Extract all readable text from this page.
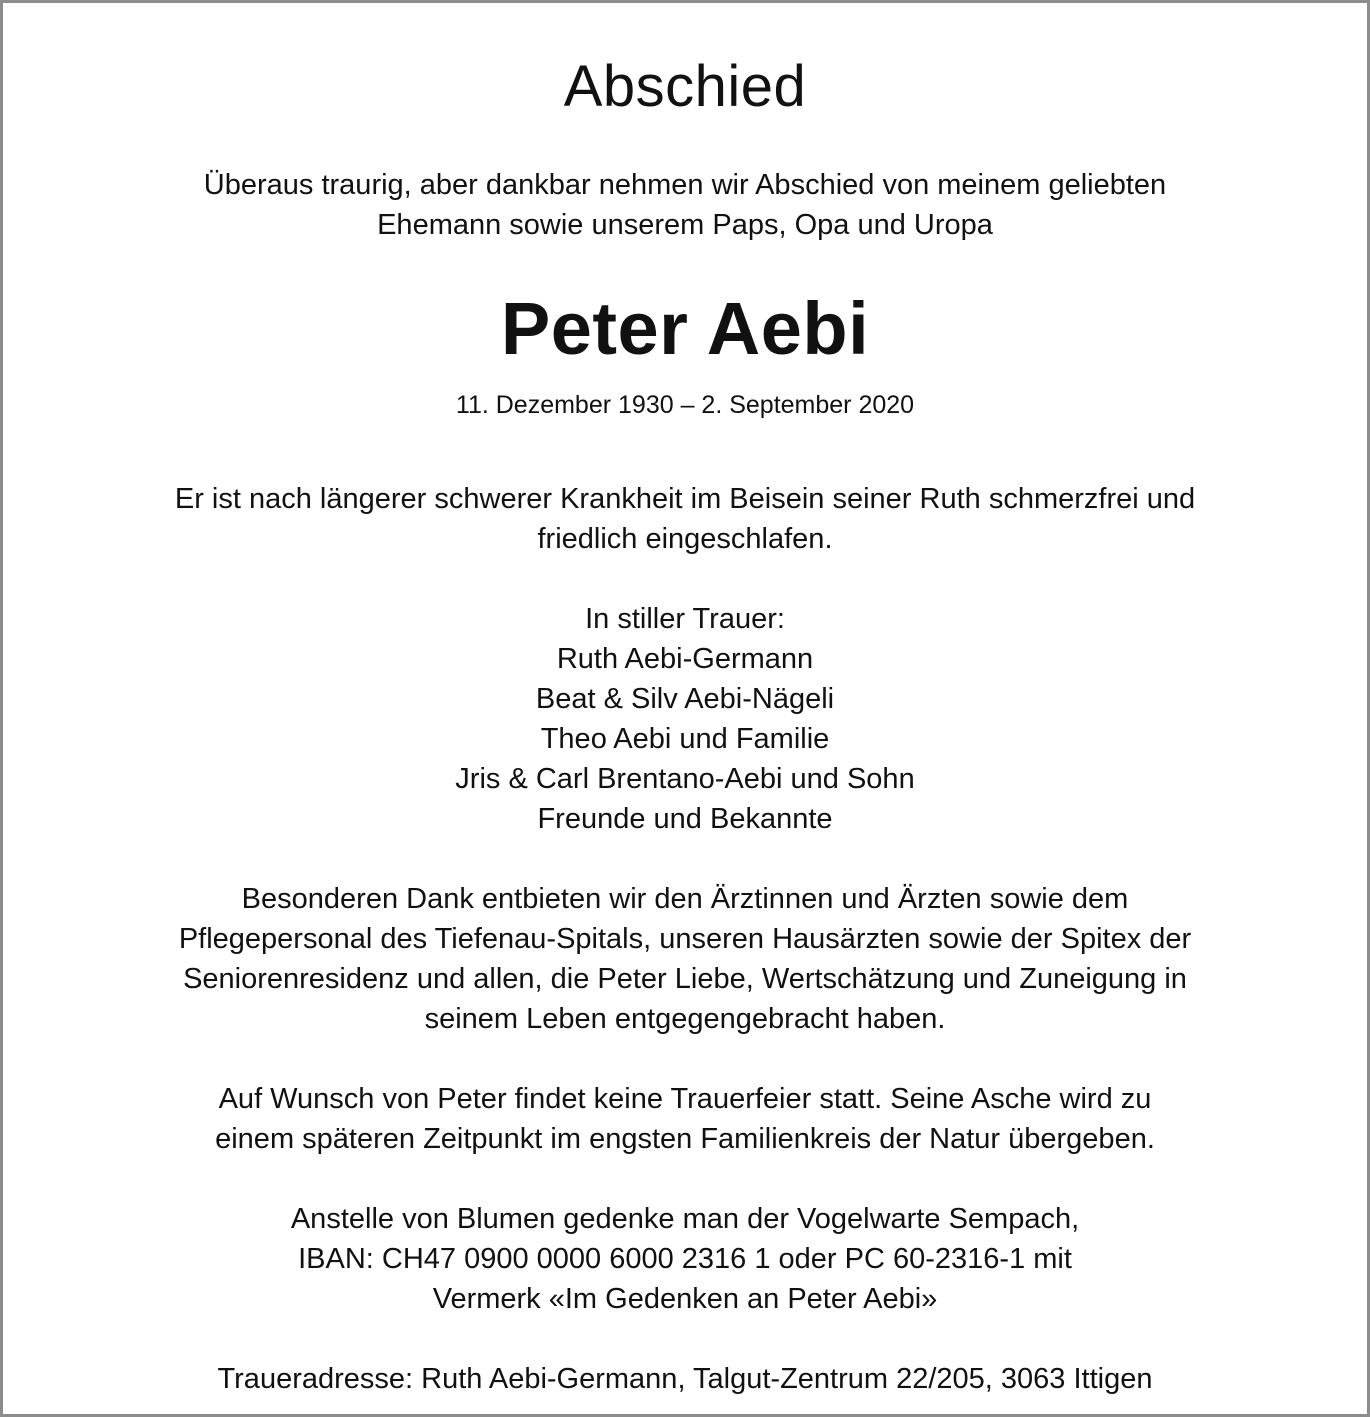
Abschied
Überaus traurig, aber dankbar nehmen wir Abschied von meinem geliebten
Ehemann sowie unserem Paps, Opa und Uropa
Peter Aebi
11. Dezember 1930 – 2. September 2020
Er ist nach längerer schwerer Krankheit im Beisein seiner Ruth schmerzfrei und
friedlich eingeschlafen.
In stiller Trauer:
Ruth Aebi-Germann
Beat & Silv Aebi-Nägeli
Theo Aebi und Familie
Jris & Carl Brentano-Aebi und Sohn
Freunde und Bekannte
Besonderen Dank entbieten wir den Ärztinnen und Ärzten sowie dem
Pflegepersonal des Tiefenau-Spitals, unseren Hausärzten sowie der Spitex der
Seniorenresidenz und allen, die Peter Liebe, Wertschätzung und Zuneigung in
seinem Leben entgegengebracht haben.
Auf Wunsch von Peter findet keine Trauerfeier statt. Seine Asche wird zu
einem späteren Zeitpunkt im engsten Familienkreis der Natur übergeben.
Anstelle von Blumen gedenke man der Vogelwarte Sempach,
IBAN: CH47 0900 0000 6000 2316 1 oder PC 60-2316-1 mit
Vermerk «Im Gedenken an Peter Aebi»
Traueradresse: Ruth Aebi-Germann, Talgut-Zentrum 22/205, 3063 Ittigen
